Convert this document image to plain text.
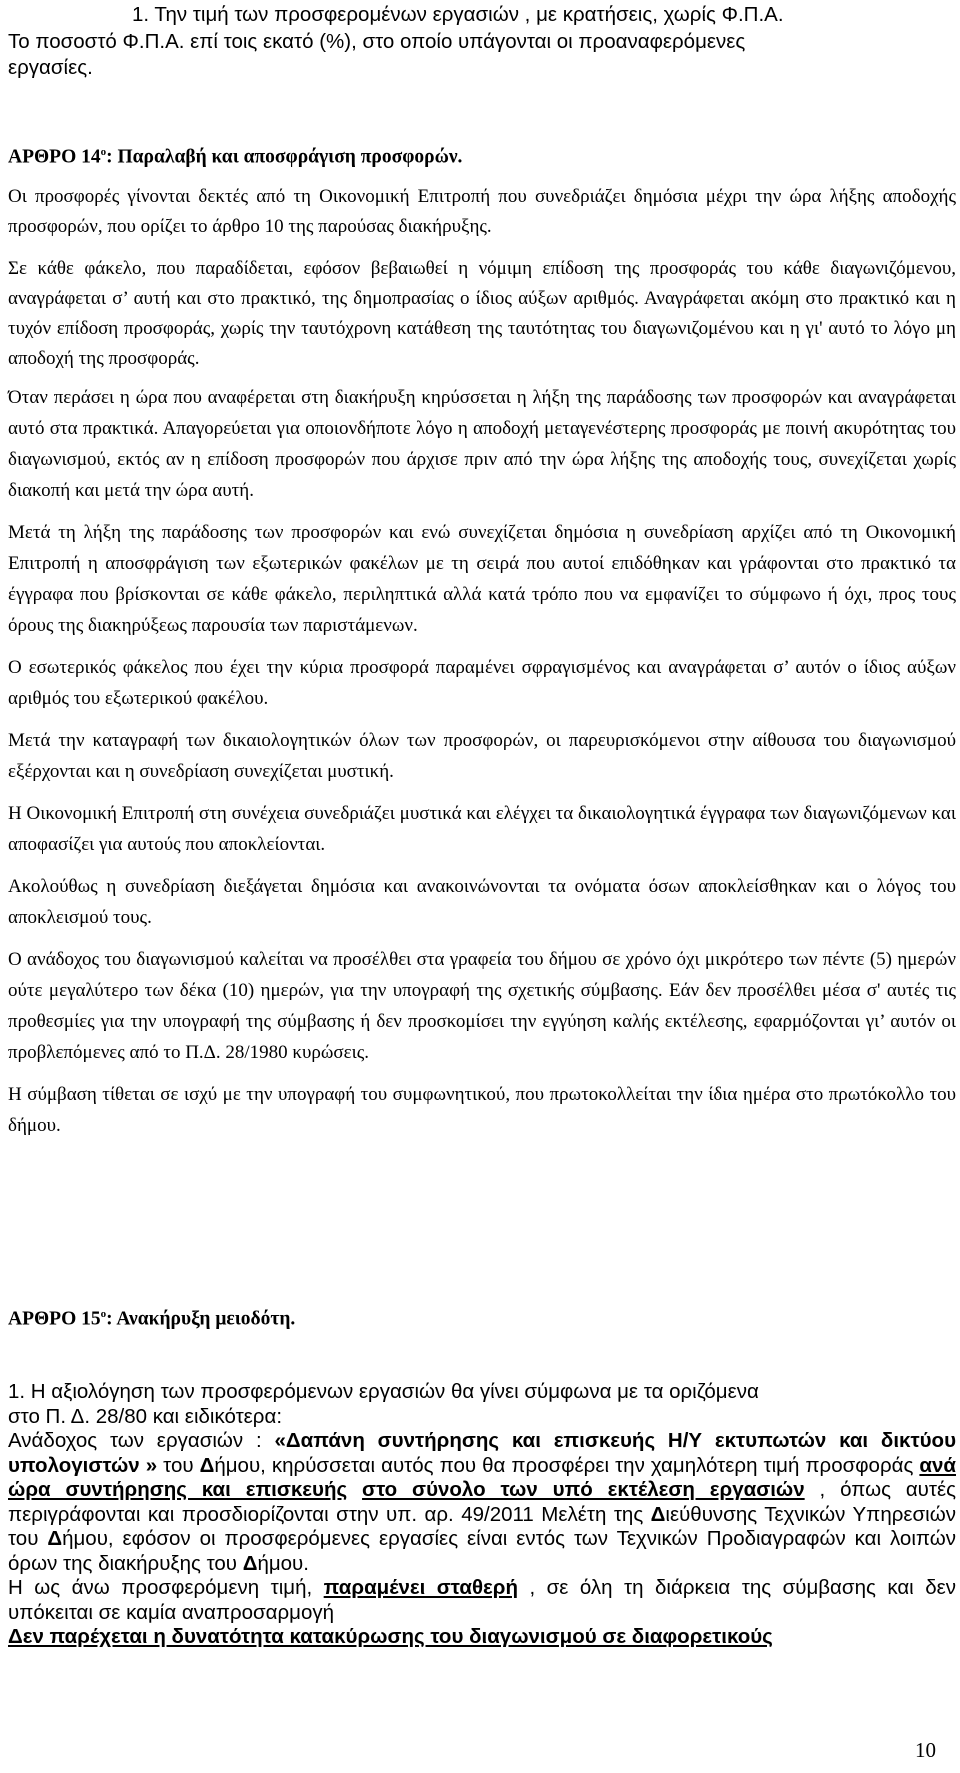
1. Την τιμή των προσφερομένων εργασιών , με κρατήσεις, χωρίς Φ.Π.Α.

Το ποσοστό Φ.Π.Α. επί τοις εκατό (%), στο οποίο υπάγονται οι προαναφερόμενες

εργασίες.

ΑΡΘΡΟ $14^o$: Παραλαβή και αποσφράγιση προσφορών.

Οι προσφορές γίνονται δεκτές από τη Οικονομική Επιτροπή που συνεδριάζει δημόσια μέχρι την ώρα λήξης αποδοχής προσφορών, που ορίζει το άρθρο 10 της παρούσας διακήρυξης.

Σε κάθε φάκελο, που παραδίδεται, εφόσον βεβαιωθεί η νόμιμη επίδοση της προσφοράς του κάθε διαγωνιζόμενου, αναγράφεται σ’ αυτή και στο πρακτικό, της δημοπρασίας ο ίδιος αύξων αριθμός. Αναγράφεται ακόμη στο πρακτικό και η τυχόν επίδοση προσφοράς, χωρίς την ταυτόχρονη κατάθεση της ταυτότητας του διαγωνιζομένου και η γι' αυτό το λόγο μη αποδοχή της προσφοράς.

Όταν περάσει η ώρα που αναφέρεται στη διακήρυξη κηρύσσεται η λήξη της παράδοσης των προσφορών και αναγράφεται αυτό στα πρακτικά. Απαγορεύεται για οποιονδήποτε λόγο η αποδοχή μεταγενέστερης προσφοράς με ποινή ακυρότητας του διαγωνισμού, εκτός αν η επίδοση προσφορών που άρχισε πριν από την ώρα λήξης της αποδοχής τους, συνεχίζεται χωρίς διακοπή και μετά την ώρα αυτή.

Μετά τη λήξη της παράδοσης των προσφορών και ενώ συνεχίζεται δημόσια η συνεδρίαση αρχίζει από τη Οικονομική Επιτροπή η αποσφράγιση των εξωτερικών φακέλων με τη σειρά που αυτοί επιδόθηκαν και γράφονται στο πρακτικό τα έγγραφα που βρίσκονται σε κάθε φάκελο, περιληπτικά αλλά κατά τρόπο που να εμφανίζει το σύμφωνο ή όχι, προς τους όρους της διακηρύξεως παρουσία των παριστάμενων.

Ο εσωτερικός φάκελος που έχει την κύρια προσφορά παραμένει σφραγισμένος και αναγράφεται σ’ αυτόν ο ίδιος αύξων αριθμός του εξωτερικού φακέλου.

Μετά την καταγραφή των δικαιολογητικών όλων των προσφορών, οι παρευρισκόμενοι στην αίθουσα του διαγωνισμού εξέρχονται και η συνεδρίαση συνεχίζεται μυστική.

Η Οικονομική Επιτροπή στη συνέχεια συνεδριάζει μυστικά και ελέγχει τα δικαιολογητικά έγγραφα των διαγωνιζόμενων και αποφασίζει για αυτούς που αποκλείονται.

Ακολούθως η συνεδρίαση διεξάγεται δημόσια και ανακοινώνονται τα ονόματα όσων αποκλείσθηκαν και ο λόγος του αποκλεισμού τους.

Ο ανάδοχος του διαγωνισμού καλείται να προσέλθει στα γραφεία του δήμου σε χρόνο όχι μικρότερο των πέντε (5) ημερών ούτε μεγαλύτερο των δέκα (10) ημερών, για την υπογραφή της σχετικής σύμβασης. Εάν δεν προσέλθει μέσα σ' αυτές τις προθεσμίες για την υπογραφή της σύμβασης ή δεν προσκομίσει την εγγύηση καλής εκτέλεσης, εφαρμόζονται γι’ αυτόν οι προβλεπόμενες από το Π.Δ. 28/1980 κυρώσεις.

Η σύμβαση τίθεται σε ισχύ με την υπογραφή του συμφωνητικού, που πρωτοκολλείται την ίδια ημέρα στο πρωτόκολλο του δήμου.

ΑΡΘΡΟ $15^o$: Ανακήρυξη μειοδότη.

1. Η αξιολόγηση των προσφερόμενων εργασιών θα γίνει σύμφωνα με τα οριζόμενα

στο Π. Δ. 28/80 και ειδικότερα:

Ανάδοχος των εργασιών : «Δαπάνη συντήρησης και επισκευής Η/Υ εκτυπωτών και δικτύου υπολογιστών » του Δήμου, κηρύσσεται αυτός που θα προσφέρει την χαμηλότερη τιμή προσφοράς ανά ώρα συντήρησης και επισκευής στο σύνολο των υπό εκτέλεση εργασιών , όπως αυτές περιγράφονται και προσδιορίζονται στην υπ. αρ. 49/2011 Μελέτη της Διεύθυνσης Τεχνικών Υπηρεσιών του Δήμου, εφόσον οι προσφερόμενες εργασίες είναι εντός των Τεχνικών Προδιαγραφών και λοιπών όρων της διακήρυξης του Δήμου.

Η ως άνω προσφερόμενη τιμή, παραμένει σταθερή , σε όλη τη διάρκεια της σύμβασης και δεν υπόκειται σε καμία αναπροσαρμογή

Δεν παρέχεται η δυνατότητα κατακύρωσης του διαγωνισμού σε διαφορετικούς

10
